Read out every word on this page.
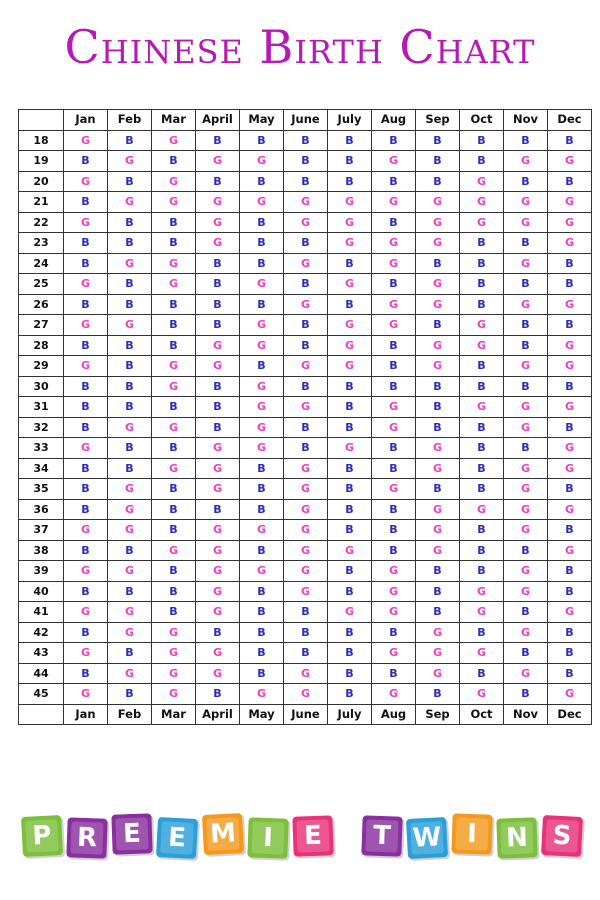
Chinese Birth Chart
	Jan	Feb	Mar	April	May	June	July	Aug	Sep	Oct	Nov	Dec
18	G	B	G	B	B	B	B	B	B	B	B	B
19	B	G	B	G	G	B	B	G	B	B	G	G
20	G	B	G	B	B	B	B	B	B	G	B	B
21	B	G	G	G	G	G	G	G	G	G	G	G
22	G	B	B	G	B	G	G	B	G	G	G	G
23	B	B	B	G	B	B	G	G	G	B	B	G
24	B	G	G	B	B	G	B	G	B	B	G	B
25	G	B	G	B	G	B	G	B	G	B	B	B
26	B	B	B	B	B	G	B	G	G	B	G	G
27	G	G	B	B	G	B	G	G	B	G	B	B
28	B	B	B	G	G	B	G	B	G	G	B	G
29	G	B	G	G	B	G	G	B	G	B	G	G
30	B	B	G	B	G	B	B	B	B	B	B	B
31	B	B	B	B	G	G	B	G	B	G	G	G
32	B	G	G	B	G	B	B	G	B	B	G	B
33	G	B	B	G	G	B	G	B	G	B	B	G
34	B	B	G	G	B	G	B	B	G	B	G	G
35	B	G	B	G	B	G	B	G	B	B	G	B
36	B	G	B	B	B	G	B	B	G	G	G	G
37	G	G	B	G	G	G	B	B	G	B	G	B
38	B	B	G	G	B	G	G	B	G	B	B	G
39	G	G	B	G	G	G	B	G	B	B	G	B
40	B	B	B	G	B	G	B	G	B	G	G	B
41	G	G	B	G	B	B	G	G	B	G	B	G
42	B	G	G	B	B	B	B	B	G	B	G	B
43	G	B	G	G	B	B	B	G	G	G	B	B
44	B	G	G	G	B	G	B	B	G	B	G	B
45	G	B	G	B	G	G	B	G	B	G	B	G
	Jan	Feb	Mar	April	May	June	July	Aug	Sep	Oct	Nov	Dec
P R E E M I	E	T W I	N S
